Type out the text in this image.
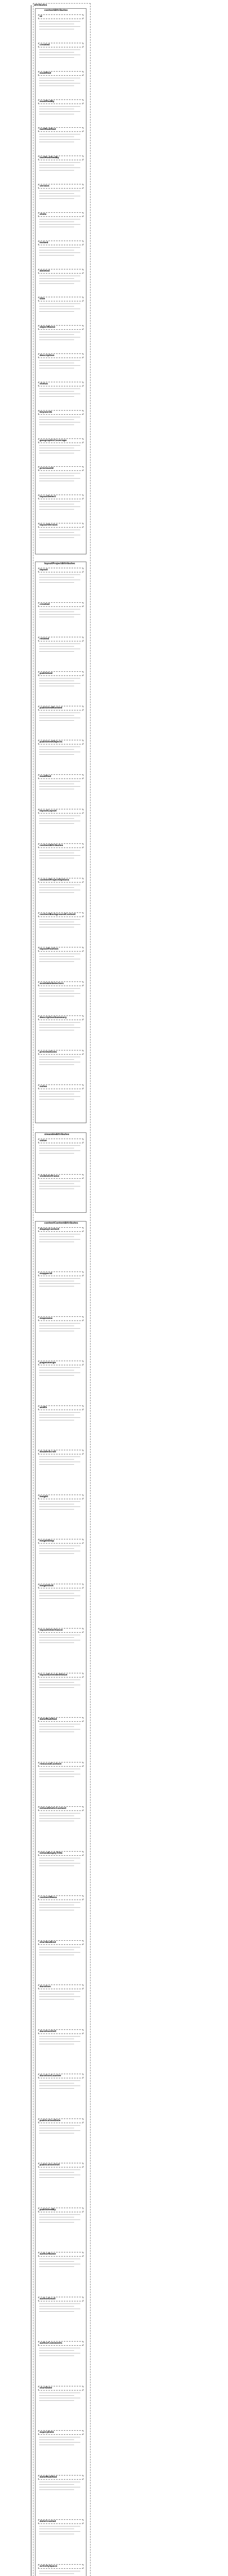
attributes
contentAttributes
id
created
modified
modifiedBy
lastModified
lastModifiedBy
version
state
locked
deleted
title
objectName
description
status
keywords
geographicCoverage
previousId
layoutSelect
layoutVersion
layoutProjectAttributes
layout
created
related
published
publishedRanked
publishedObjects
modified
layoutLayout
contentAttributes
contentProjectOptions
contentBackgroundContent
layoutPosition
availableSelectors
descriptionSummary
previewSizes
notes
viewableAttributes
value
visibleInIframe
contentContentAttributes
displayContent
mapperid
mapname
pagesmerge
width
doubleScroll
height
heightStep
heightUnit
layoutInheritance
layoutExtendedValue
dateModified
removedContent
isUsedStaticContent
isUsedEmptyTitle
contentMenu
startAndEnd
duration
durationUnit
durationCounter
publicationDate
publicationUnit
publishedBy
authorName
authorEmail
authorComments
startDate
expiryDate
dateModified
dateCreated
activitySpace
